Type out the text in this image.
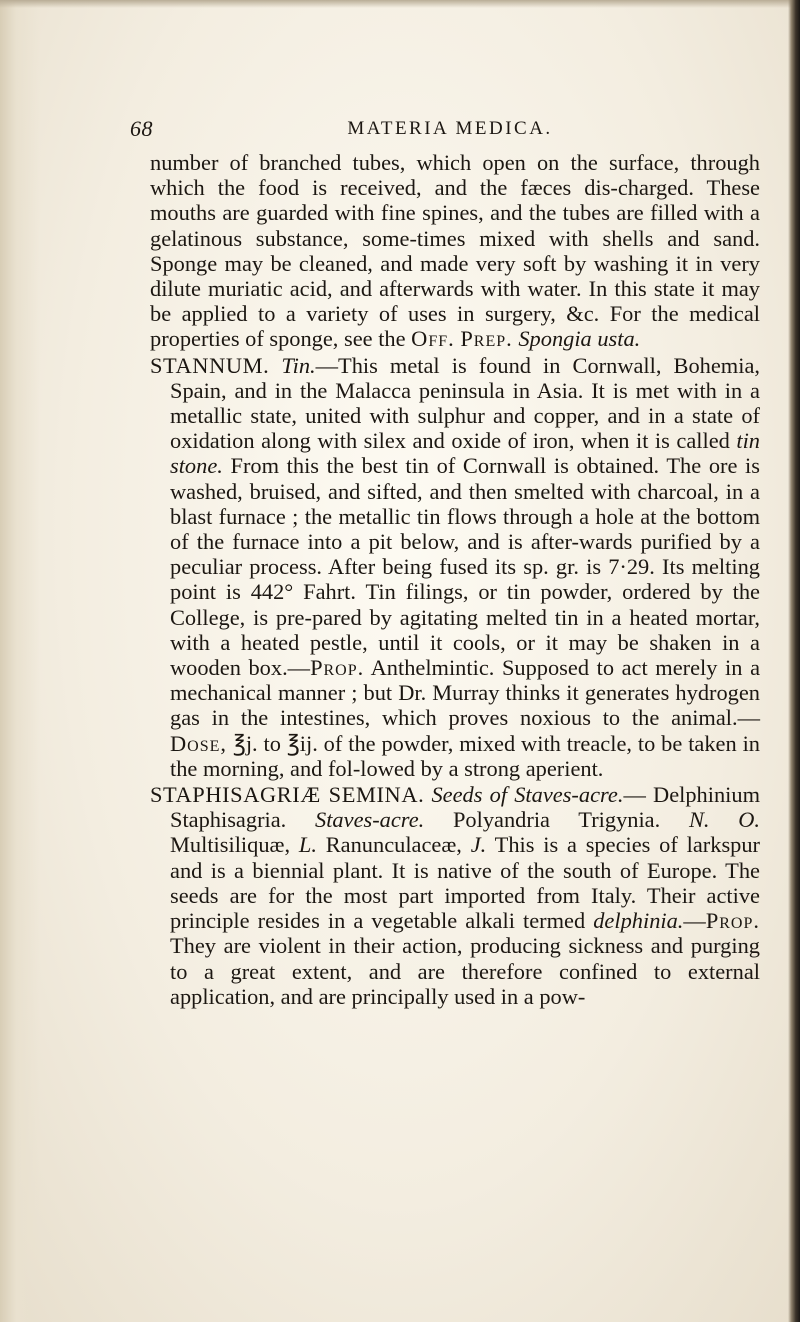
68	MATERIA MEDICA.

number of branched tubes, which open on the surface, through which the food is received, and the fæces dis-charged. These mouths are guarded with fine spines, and the tubes are filled with a gelatinous substance, some-times mixed with shells and sand. Sponge may be cleaned, and made very soft by washing it in very dilute muriatic acid, and afterwards with water. In this state it may be applied to a variety of uses in surgery, &c. For the medical properties of sponge, see the Off. Prep. Spongia usta.

STANNUM. Tin.—This metal is found in Cornwall, Bohemia, Spain, and in the Malacca peninsula in Asia. It is met with in a metallic state, united with sulphur and copper, and in a state of oxidation along with silex and oxide of iron, when it is called tin stone. From this the best tin of Cornwall is obtained. The ore is washed, bruised, and sifted, and then smelted with charcoal, in a blast furnace ; the metallic tin flows through a hole at the bottom of the furnace into a pit below, and is after-wards purified by a peculiar process. After being fused its sp. gr. is 7·29. Its melting point is 442° Fahrt. Tin filings, or tin powder, ordered by the College, is pre-pared by agitating melted tin in a heated mortar, with a heated pestle, until it cools, or it may be shaken in a wooden box.—Prop. Anthelmintic. Supposed to act merely in a mechanical manner ; but Dr. Murray thinks it generates hydrogen gas in the intestines, which proves noxious to the animal.—Dose, ℥j. to ℥ij. of the powder, mixed with treacle, to be taken in the morning, and fol-lowed by a strong aperient.

STAPHISAGRIÆ SEMINA. Seeds of Staves-acre.— Delphinium Staphisagria. Staves-acre. Polyandria Trigynia. N. O. Multisiliquæ, L. Ranunculaceæ, J. This is a species of larkspur and is a biennial plant. It is native of the south of Europe. The seeds are for the most part imported from Italy. Their active principle resides in a vegetable alkali termed delphinia.—Prop. They are violent in their action, producing sickness and purging to a great extent, and are therefore confined to external application, and are principally used in a pow-
